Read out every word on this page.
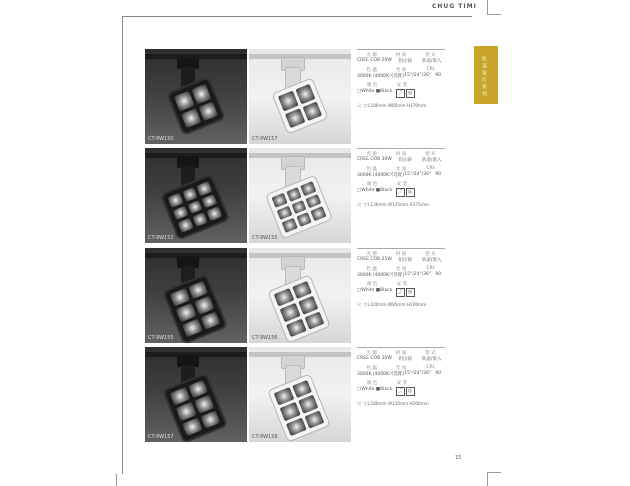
CHUG TIMI
轨道射灯系列
CT-9W150	CT-9W157
光 源	材 质	型 式
CREE COB 20W	铝压铸	轨道/嵌入
色 温	光 束	CRI
3000K (4000K可选配) 15°/24°/36° 90
颜 色	安 装
□White ■Black	⤴ ◎
尺 寸:L100mm W85mm H170mm
CT-9W152	CT-9W155
光 源	材 质	型 式
CREE COB 30W	铝压铸	轨道/嵌入
色 温	光 束	CRI
3000K (4000K可选配) 15°/24°/36° 90
颜 色	安 装
□White ■Black	⤴ ◎
尺 寸:L130mm W125mm H175mm
CT-9W155	CT-9W156
光 源	材 质	型 式
CREE COB 25W	铝压铸	轨道/嵌入
色 温	光 束	CRI
3000K (4000K可选配) 15°/24°/36° 90
颜 色	安 装
□White ■Black	⤴ ◎
尺 寸:L100mm W85mm H200mm
CT-9W157	CT-9W158
光 源	材 质	型 式
CREE COB 30W	铝压铸	轨道/嵌入
色 温	光 束	CRI
3000K (4000K可选配) 15°/24°/36° 90
颜 色	安 装
□White ■Black	⤴ ◎
尺 寸:L180mm W120mm H200mm
15
